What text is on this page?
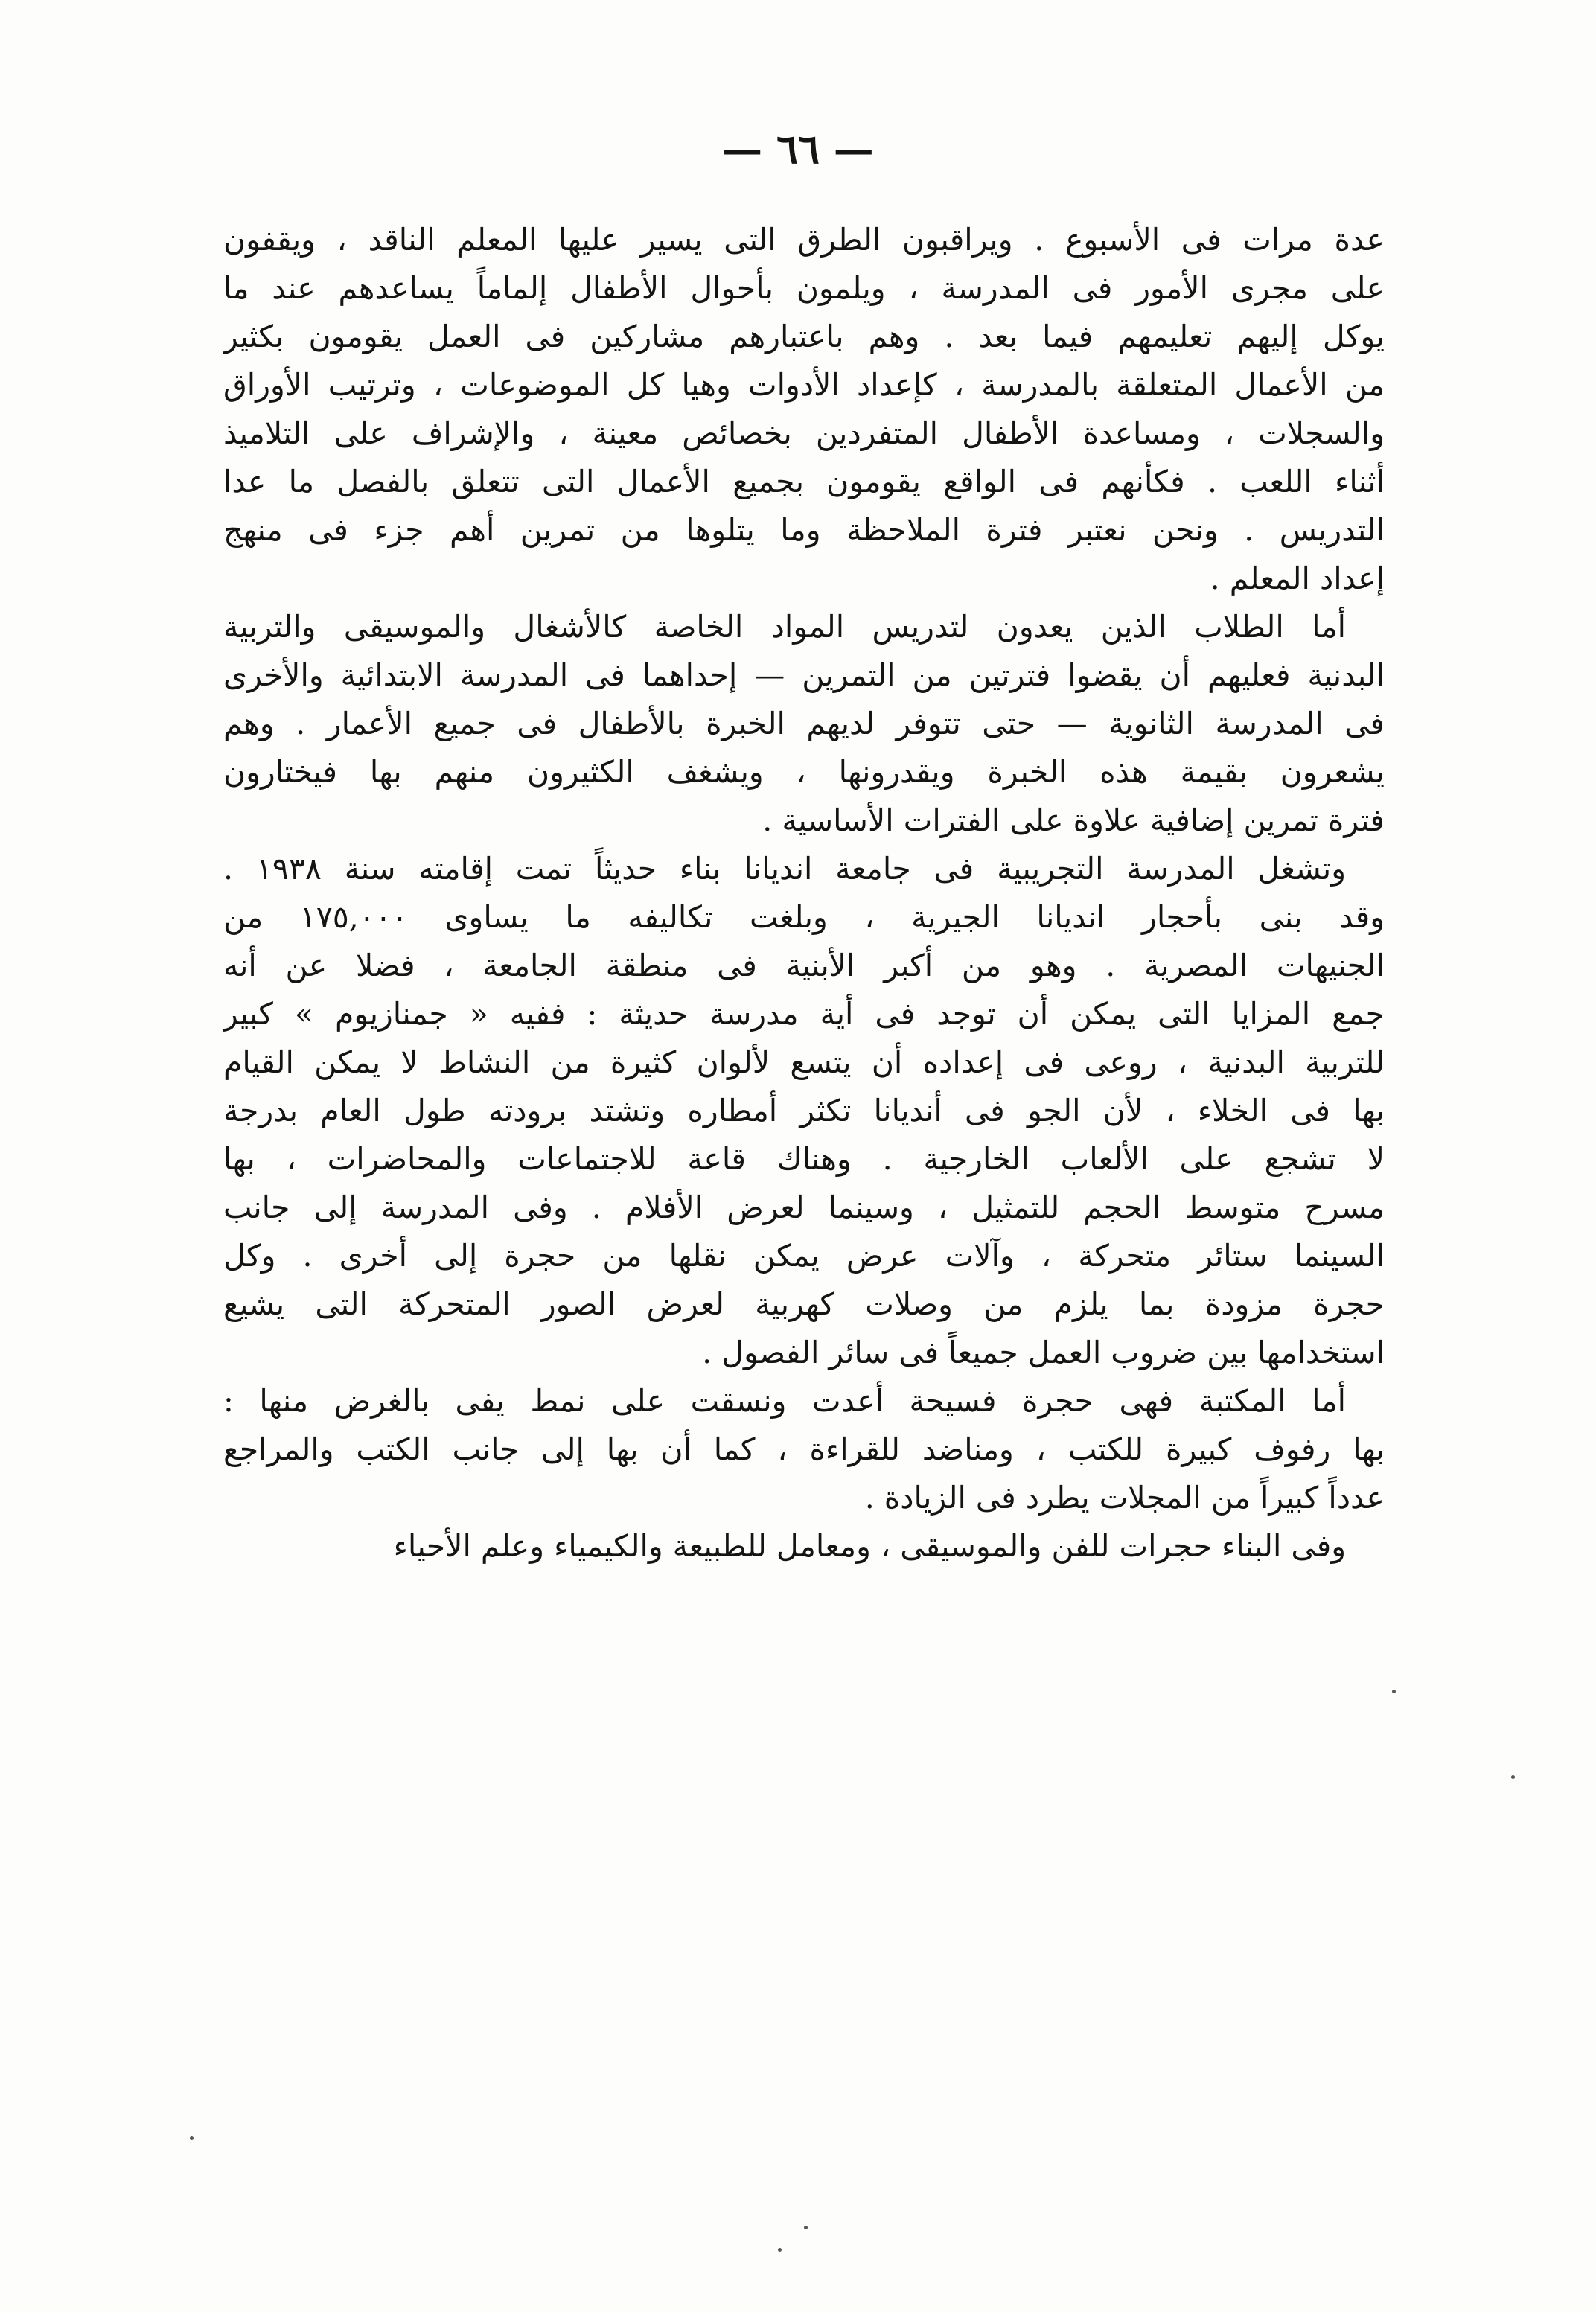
— ٦٦ —
عدة مرات فى الأسبوع . ويراقبون الطرق التى يسير عليها المعلم الناقد ، ويقفون
على مجرى الأمور فى المدرسة ، ويلمون بأحوال الأطفال إلماماً يساعدهم عند ما
يوكل إليهم تعليمهم فيما بعد . وهم باعتبارهم مشاركين فى العمل يقومون بكثير
من الأعمال المتعلقة بالمدرسة ، كإعداد الأدوات وهيا كل الموضوعات ، وترتيب الأوراق
والسجلات ، ومساعدة الأطفال المتفردين بخصائص معينة ، والإشراف على التلاميذ
أثناء اللعب . فكأنهم فى الواقع يقومون بجميع الأعمال التى تتعلق بالفصل ما عدا
التدريس . ونحن نعتبر فترة الملاحظة وما يتلوها من تمرين أهم جزء فى منهج
إعداد المعلم .
أما الطلاب الذين يعدون لتدريس المواد الخاصة كالأشغال والموسيقى والتربية
البدنية فعليهم أن يقضوا فترتين من التمرين — إحداهما فى المدرسة الابتدائية والأخرى
فى المدرسة الثانوية — حتى تتوفر لديهم الخبرة بالأطفال فى جميع الأعمار . وهم
يشعرون بقيمة هذه الخبرة ويقدرونها ، ويشغف الكثيرون منهم بها فيختارون
فترة تمرين إضافية علاوة على الفترات الأساسية .
وتشغل المدرسة التجريبية فى جامعة انديانا بناء حديثاً تمت إقامته سنة ١٩٣٨ .
وقد بنى بأحجار انديانا الجيرية ، وبلغت تكاليفه ما يساوى ١٧٥,٠٠٠ من
الجنيهات المصرية . وهو من أكبر الأبنية فى منطقة الجامعة ، فضلا عن أنه
جمع المزايا التى يمكن أن توجد فى أية مدرسة حديثة : ففيه « جمنازيوم » كبير
للتربية البدنية ، روعى فى إعداده أن يتسع لألوان كثيرة من النشاط لا يمكن القيام
بها فى الخلاء ، لأن الجو فى أنديانا تكثر أمطاره وتشتد برودته طول العام بدرجة
لا تشجع على الألعاب الخارجية . وهناك قاعة للاجتماعات والمحاضرات ، بها
مسرح متوسط الحجم للتمثيل ، وسينما لعرض الأفلام . وفى المدرسة إلى جانب
السينما ستائر متحركة ، وآلات عرض يمكن نقلها من حجرة إلى أخرى . وكل
حجرة مزودة بما يلزم من وصلات كهربية لعرض الصور المتحركة التى يشيع
استخدامها بين ضروب العمل جميعاً فى سائر الفصول .
أما المكتبة فهى حجرة فسيحة أعدت ونسقت على نمط يفى بالغرض منها :
بها رفوف كبيرة للكتب ، ومناضد للقراءة ، كما أن بها إلى جانب الكتب والمراجع
عدداً كبيراً من المجلات يطرد فى الزيادة .
وفى البناء حجرات للفن والموسيقى ، ومعامل للطبيعة والكيمياء وعلم الأحياء
